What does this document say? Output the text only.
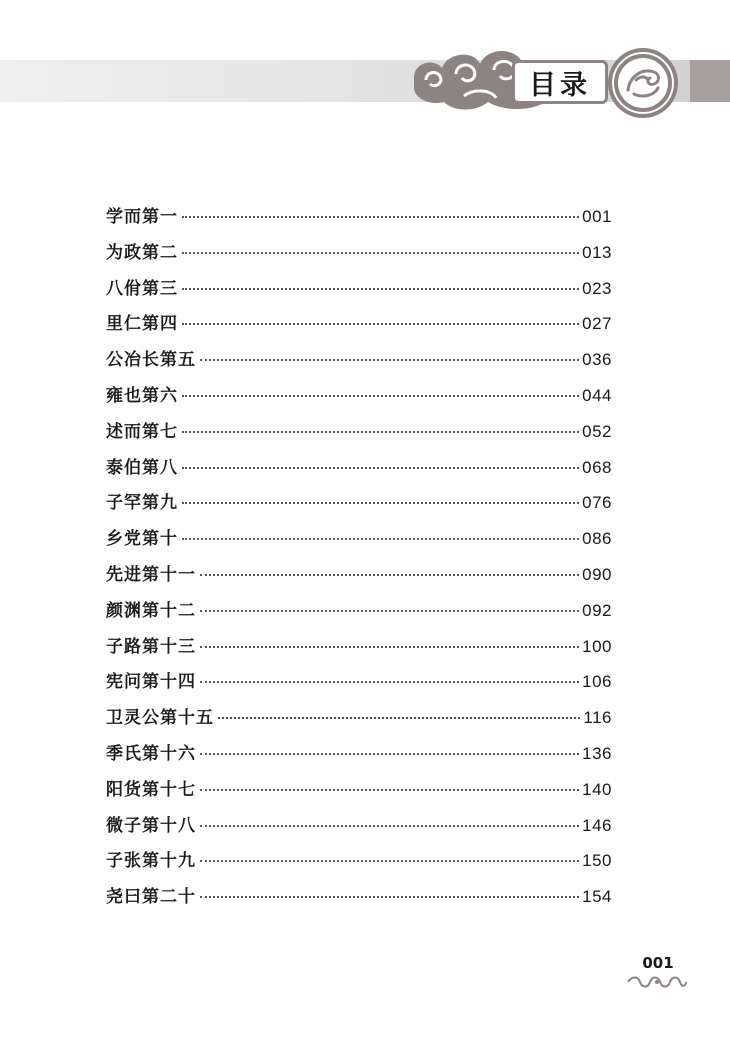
目录
学而第一	001
为政第二	013
八佾第三	023
里仁第四	027
公冶长第五	036
雍也第六	044
述而第七	052
泰伯第八	068
子罕第九	076
乡党第十	086
先进第十一	090
颜渊第十二	092
子路第十三	100
宪问第十四	106
卫灵公第十五	116
季氏第十六	136
阳货第十七	140
微子第十八	146
子张第十九	150
尧曰第二十	154
001
